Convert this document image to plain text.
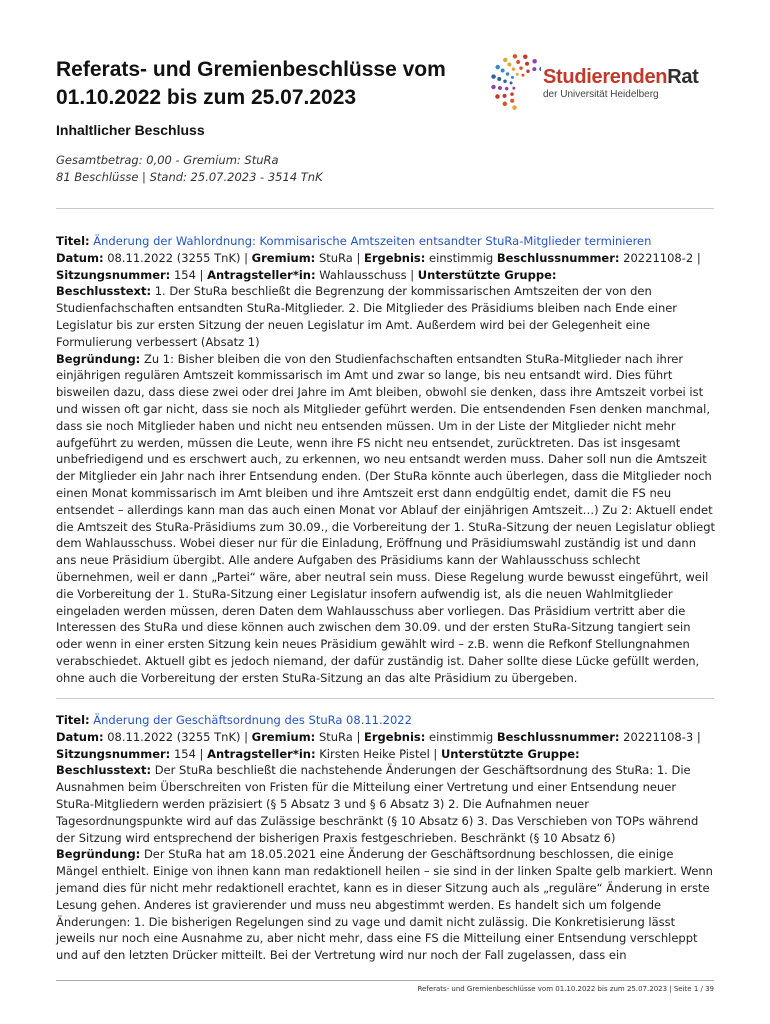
Referats- und Gremienbeschlüsse vom
01.10.2022 bis zum 25.07.2023
StudierendenRat
der Universität Heidelberg
Inhaltlicher Beschluss
Gesamtbetrag: 0,00 - Gremium: StuRa
81 Beschlüsse | Stand: 25.07.2023 - 3514 TnK

Titel: Änderung der Wahlordnung: Kommisarische Amtszeiten entsandter StuRa-Mitglieder terminieren

Datum: 08.11.2022 (3255 TnK) | Gremium: StuRa | Ergebnis: einstimmig Beschlussnummer: 20221108-2 | Sitzungsnummer: 154 | Antragsteller*in: Wahlausschuss | Unterstützte Gruppe:

Beschlusstext: 1. Der StuRa beschließt die Begrenzung der kommissarischen Amtszeiten der von den Studienfachschaften entsandten StuRa-Mitglieder. 2. Die Mitglieder des Präsidiums bleiben nach Ende einer Legislatur bis zur ersten Sitzung der neuen Legislatur im Amt. Außerdem wird bei der Gelegenheit eine Formulierung verbessert (Absatz 1)

Begründung: Zu 1: Bisher bleiben die von den Studienfachschaften entsandten StuRa-Mitglieder nach ihrer einjährigen regulären Amtszeit kommissarisch im Amt und zwar so lange, bis neu entsandt wird. Dies führt bisweilen dazu, dass diese zwei oder drei Jahre im Amt bleiben, obwohl sie denken, dass ihre Amtszeit vorbei ist und wissen oft gar nicht, dass sie noch als Mitglieder geführt werden. Die entsendenden Fsen denken manchmal, dass sie noch Mitglieder haben und nicht neu entsenden müssen. Um in der Liste der Mitglieder nicht mehr aufgeführt zu werden, müssen die Leute, wenn ihre FS nicht neu entsendet, zurücktreten. Das ist insgesamt unbefriedigend und es erschwert auch, zu erkennen, wo neu entsandt werden muss. Daher soll nun die Amtszeit der Mitglieder ein Jahr nach ihrer Entsendung enden. (Der StuRa könnte auch überlegen, dass die Mitglieder noch einen Monat kommissarisch im Amt bleiben und ihre Amtszeit erst dann endgültig endet, damit die FS neu entsendet – allerdings kann man das auch einen Monat vor Ablauf der einjährigen Amtszeit…) Zu 2: Aktuell endet die Amtszeit des StuRa-Präsidiums zum 30.09., die Vorbereitung der 1. StuRa-Sitzung der neuen Legislatur obliegt dem Wahlausschuss. Wobei dieser nur für die Einladung, Eröffnung und Präsidiumswahl zuständig ist und dann ans neue Präsidium übergibt. Alle andere Aufgaben des Präsidiums kann der Wahlausschuss schlecht übernehmen, weil er dann „Partei“ wäre, aber neutral sein muss. Diese Regelung wurde bewusst eingeführt, weil die Vorbereitung der 1. StuRa-Sitzung einer Legislatur insofern aufwendig ist, als die neuen Wahlmitglieder eingeladen werden müssen, deren Daten dem Wahlausschuss aber vorliegen. Das Präsidium vertritt aber die Interessen des StuRa und diese können auch zwischen dem 30.09. und der ersten StuRa-Sitzung tangiert sein oder wenn in einer ersten Sitzung kein neues Präsidium gewählt wird – z.B. wenn die Refkonf Stellungnahmen verabschiedet. Aktuell gibt es jedoch niemand, der dafür zuständig ist. Daher sollte diese Lücke gefüllt werden, ohne auch die Vorbereitung der ersten StuRa-Sitzung an das alte Präsidium zu übergeben.

Titel: Änderung der Geschäftsordnung des StuRa 08.11.2022

Datum: 08.11.2022 (3255 TnK) | Gremium: StuRa | Ergebnis: einstimmig Beschlussnummer: 20221108-3 | Sitzungsnummer: 154 | Antragsteller*in: Kirsten Heike Pistel | Unterstützte Gruppe:

Beschlusstext: Der StuRa beschließt die nachstehende Änderungen der Geschäftsordnung des StuRa: 1. Die Ausnahmen beim Überschreiten von Fristen für die Mitteilung einer Vertretung und einer Entsendung neuer StuRa-Mitgliedern werden präzisiert (§ 5 Absatz 3 und § 6 Absatz 3) 2. Die Aufnahmen neuer Tagesordnungspunkte wird auf das Zulässige beschränkt (§ 10 Absatz 6) 3. Das Verschieben von TOPs während der Sitzung wird entsprechend der bisherigen Praxis festgeschrieben. Beschränkt (§ 10 Absatz 6)

Begründung: Der StuRa hat am 18.05.2021 eine Änderung der Geschäftsordnung beschlossen, die einige Mängel enthielt. Einige von ihnen kann man redaktionell heilen – sie sind in der linken Spalte gelb markiert. Wenn jemand dies für nicht mehr redaktionell erachtet, kann es in dieser Sitzung auch als „reguläre“ Änderung in erste Lesung gehen. Anderes ist gravierender und muss neu abgestimmt werden. Es handelt sich um folgende Änderungen: 1. Die bisherigen Regelungen sind zu vage und damit nicht zulässig. Die Konkretisierung lässt jeweils nur noch eine Ausnahme zu, aber nicht mehr, dass eine FS die Mitteilung einer Entsendung verschleppt und auf den letzten Drücker mitteilt. Bei der Vertretung wird nur noch der Fall zugelassen, dass ein

Referats- und Gremienbeschlüsse vom 01.10.2022 bis zum 25.07.2023 | Seite 1 / 39
